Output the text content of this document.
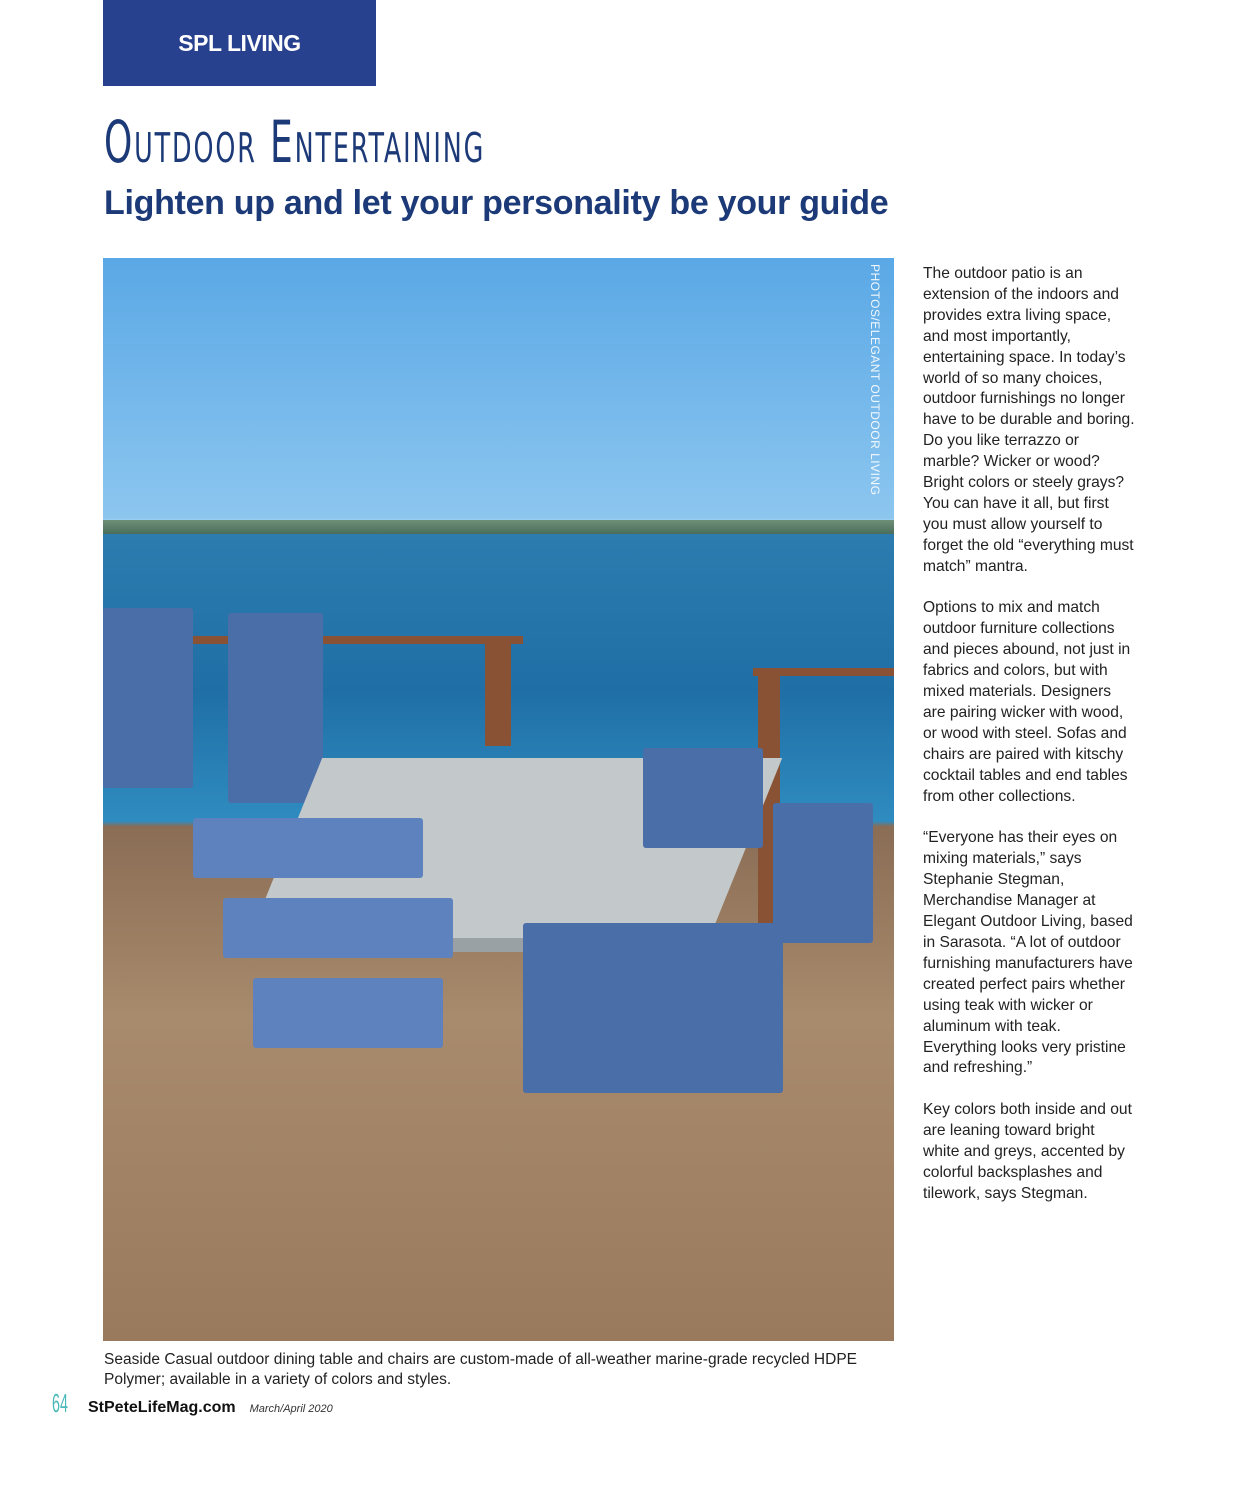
SPL LIVING
Outdoor Entertaining
Lighten up and let your personality be your guide
PHOTOS/ELEGANT OUTDOOR LIVING
Seaside Casual outdoor dining table and chairs are custom-made of all-weather marine-grade recycled HDPE Polymer; available in a variety of colors and styles.

The outdoor patio is an extension of the indoors and provides extra living space, and most importantly, entertaining space. In today’s world of so many choices, outdoor furnishings no longer have to be durable and boring. Do you like terrazzo or marble? Wicker or wood? Bright colors or steely grays? You can have it all, but first you must allow yourself to forget the old “everything must match” mantra.

Options to mix and match outdoor furniture collections and pieces abound, not just in fabrics and colors, but with mixed materials. Designers are pairing wicker with wood, or wood with steel. Sofas and chairs are paired with kitschy cocktail tables and end tables from other collections.

“Everyone has their eyes on mixing materials,” says Stephanie Stegman, Merchandise Manager at Elegant Outdoor Living, based in Sarasota. “A lot of outdoor furnishing manufacturers have created perfect pairs whether using teak with wicker or aluminum with teak. Everything looks very pristine and refreshing.”

Key colors both inside and out are leaning toward bright white and greys, accented by colorful backsplashes and tilework, says Stegman.

64 StPeteLifeMag.com March/April 2020
